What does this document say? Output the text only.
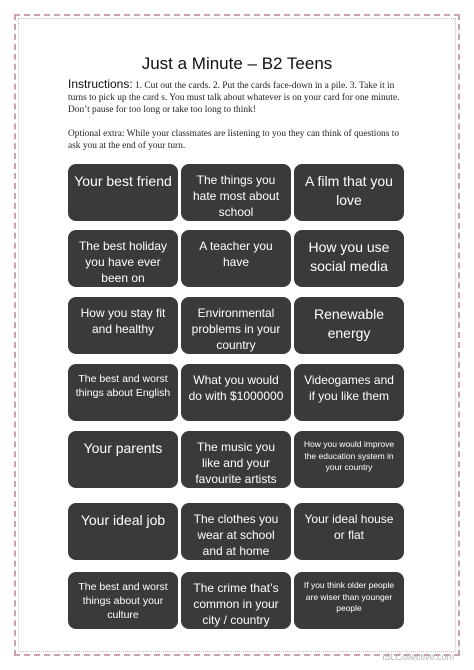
Just a Minute – B2 Teens
Instructions: 1. Cut out the cards. 2. Put the cards face-down in a pile. 3. Take it in turns to pick up the card s. You must talk about whatever is on your card for one minute. Don’t pause for too long or take too long to think!
Optional extra: While your classmates are listening to you they can think of questions to ask you at the end of your turn.
Your best friend	The things you hate most about school
A film that you love
The best holiday you have ever been on
A teacher you have
How you use social media
How you stay fit and healthy
Environmental problems in your country
Renewable energy
The best and worst things about English
What you would do with $1000000
Videogames and if you like them
Your parents	The music you like and your favourite artists
How you would improve the education system in your country
Your ideal job	The clothes you wear at school and at home
Your ideal house or flat
The best and worst things about your culture
The crime that’s common in your city / country
If you think older people are wiser than younger people
iSLCollective.com
